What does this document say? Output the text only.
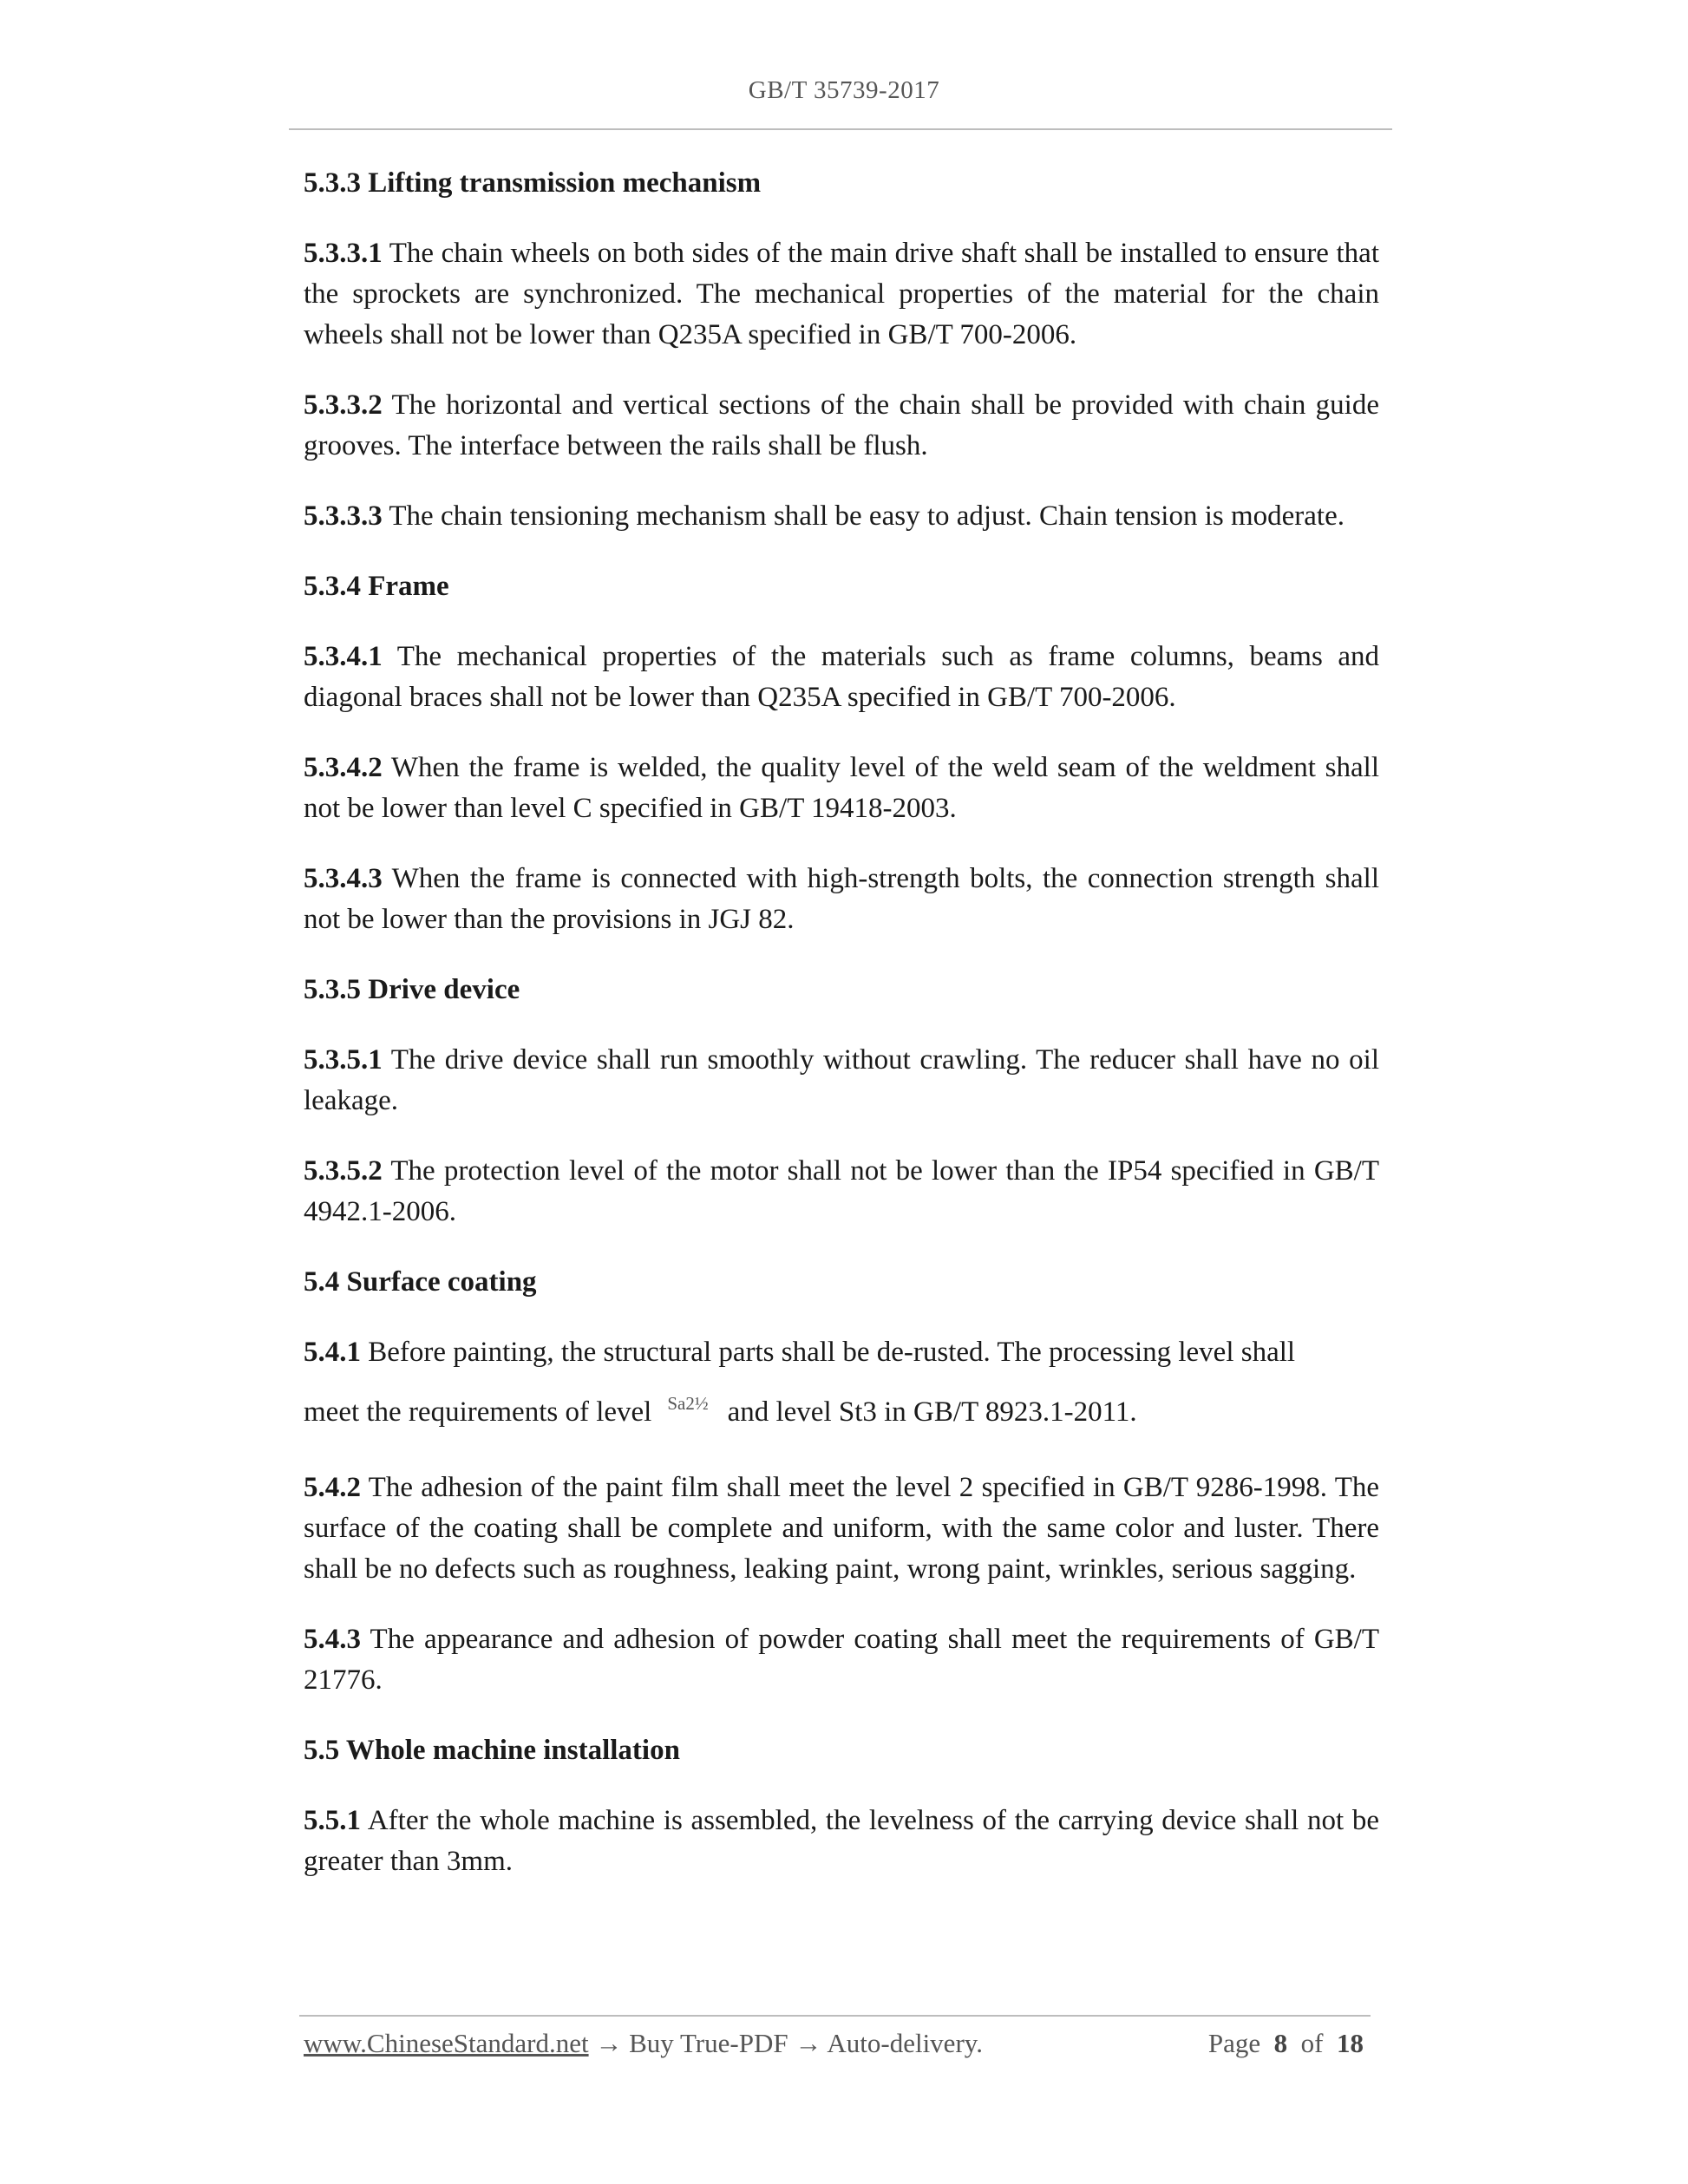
GB/T 35739-2017
5.3.3 Lifting transmission mechanism
5.3.3.1 The chain wheels on both sides of the main drive shaft shall be installed to ensure that the sprockets are synchronized. The mechanical properties of the material for the chain wheels shall not be lower than Q235A specified in GB/T 700-2006.
5.3.3.2 The horizontal and vertical sections of the chain shall be provided with chain guide grooves. The interface between the rails shall be flush.
5.3.3.3 The chain tensioning mechanism shall be easy to adjust. Chain tension is moderate.
5.3.4 Frame
5.3.4.1 The mechanical properties of the materials such as frame columns, beams and diagonal braces shall not be lower than Q235A specified in GB/T 700-2006.
5.3.4.2 When the frame is welded, the quality level of the weld seam of the weldment shall not be lower than level C specified in GB/T 19418-2003.
5.3.4.3 When the frame is connected with high-strength bolts, the connection strength shall not be lower than the provisions in JGJ 82.
5.3.5 Drive device
5.3.5.1 The drive device shall run smoothly without crawling. The reducer shall have no oil leakage.
5.3.5.2 The protection level of the motor shall not be lower than the IP54 specified in GB/T 4942.1-2006.
5.4 Surface coating
5.4.1 Before painting, the structural parts shall be de-rusted. The processing level shall
meet the requirements of level Sa2½ and level St3 in GB/T 8923.1-2011.
5.4.2 The adhesion of the paint film shall meet the level 2 specified in GB/T 9286-1998. The surface of the coating shall be complete and uniform, with the same color and luster. There shall be no defects such as roughness, leaking paint, wrong paint, wrinkles, serious sagging.
5.4.3 The appearance and adhesion of powder coating shall meet the requirements of GB/T 21776.
5.5 Whole machine installation
5.5.1 After the whole machine is assembled, the levelness of the carrying device shall not be greater than 3mm.
www.ChineseStandard.net → Buy True-PDF → Auto-delivery.	Page 8 of 18
